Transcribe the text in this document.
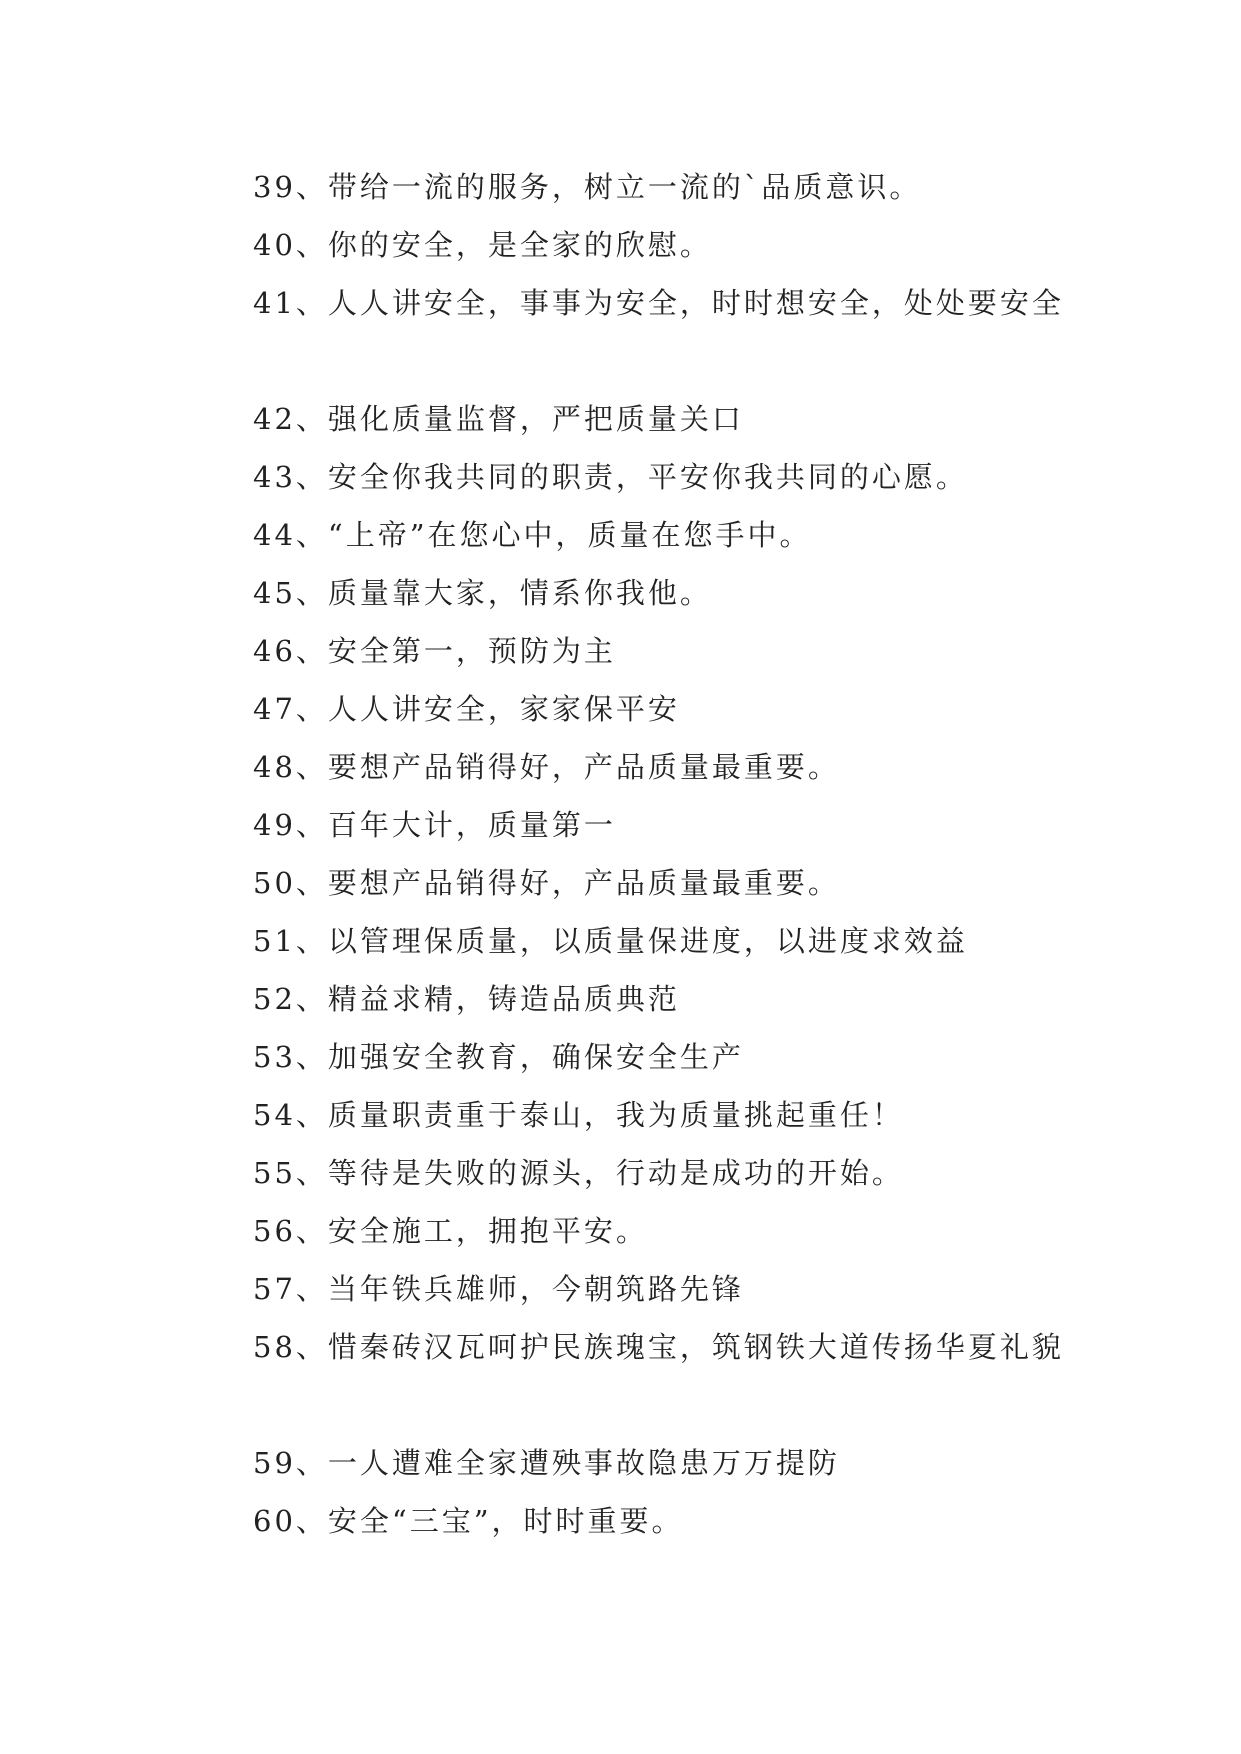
39、带给一流的服务，树立一流的`品质意识。

40、你的安全，是全家的欣慰。

41、人人讲安全，事事为安全，时时想安全，处处要安全

42、强化质量监督，严把质量关口

43、安全你我共同的职责，平安你我共同的心愿。

44、“上帝”在您心中，质量在您手中。

45、质量靠大家，情系你我他。

46、安全第一，预防为主

47、人人讲安全，家家保平安

48、要想产品销得好，产品质量最重要。

49、百年大计，质量第一

50、要想产品销得好，产品质量最重要。

51、以管理保质量，以质量保进度，以进度求效益

52、精益求精，铸造品质典范

53、加强安全教育，确保安全生产

54、质量职责重于泰山，我为质量挑起重任！

55、等待是失败的源头，行动是成功的开始。

56、安全施工，拥抱平安。

57、当年铁兵雄师，今朝筑路先锋

58、惜秦砖汉瓦呵护民族瑰宝，筑钢铁大道传扬华夏礼貌

59、一人遭难全家遭殃事故隐患万万提防

60、安全“三宝”，时时重要。
